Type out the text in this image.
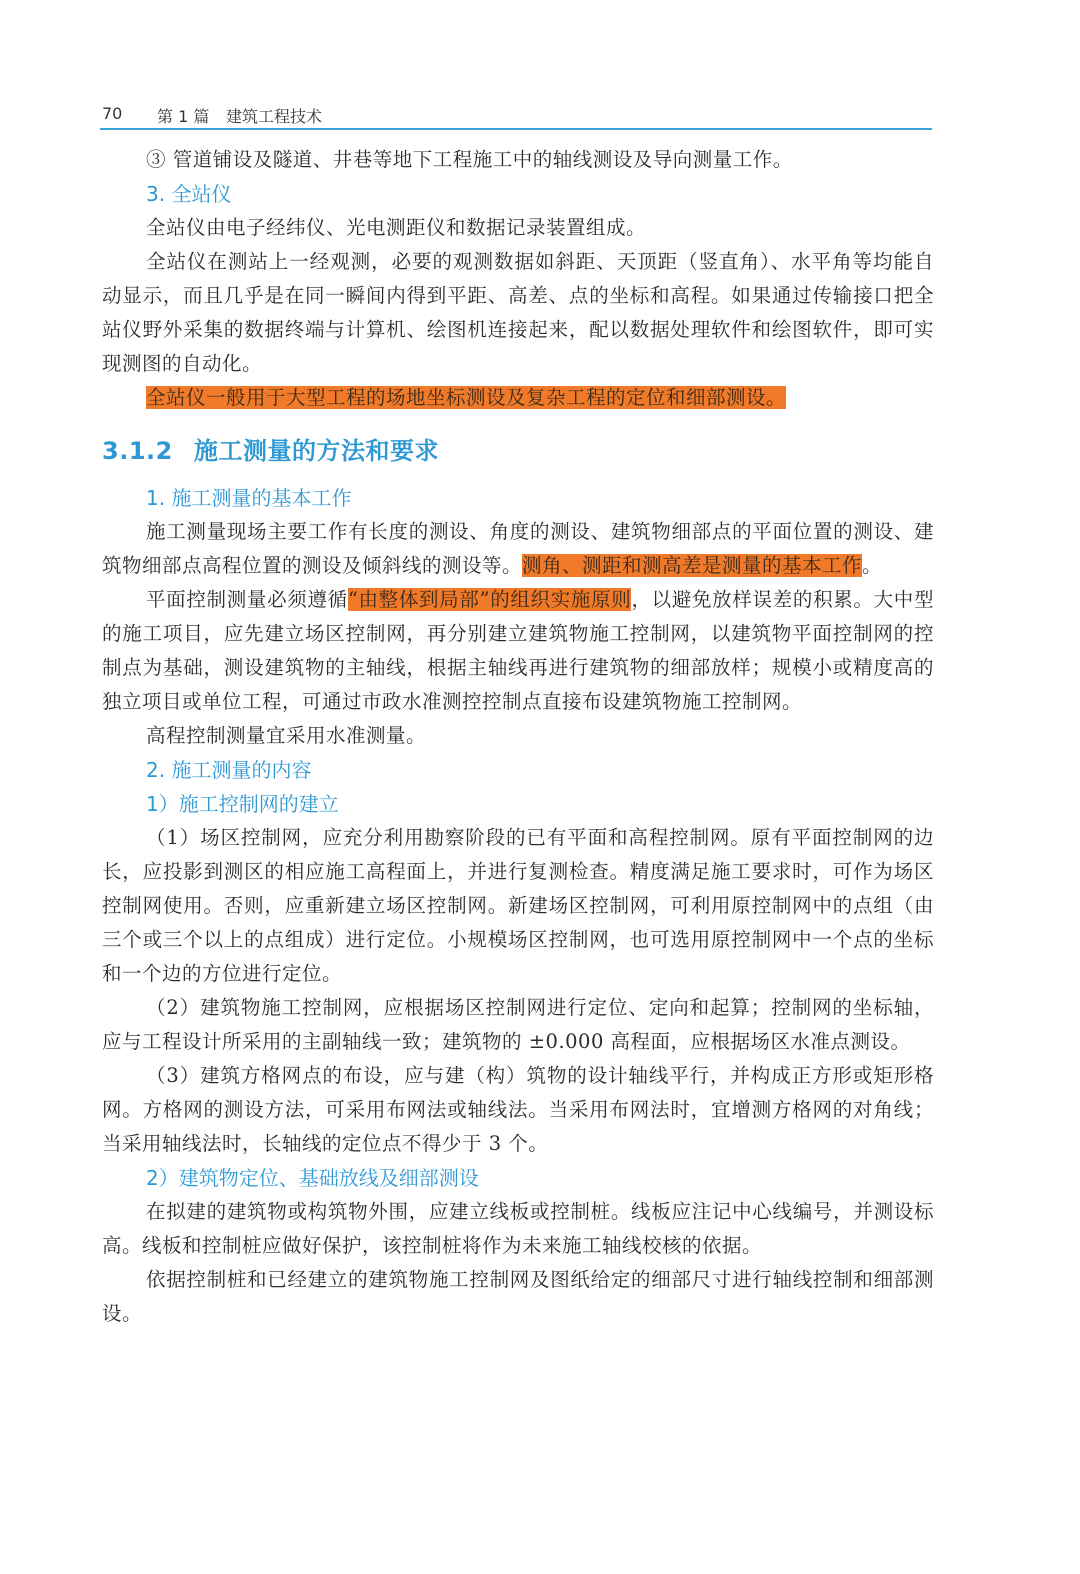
70 第 1 篇 建筑工程技术

③ 管道铺设及隧道、井巷等地下工程施工中的轴线测设及导向测量工作。

3. 全站仪

全站仪由电子经纬仪、光电测距仪和数据记录装置组成。

全站仪在测站上一经观测，必要的观测数据如斜距、天顶距（竖直角）、水平角等均能自动显示，而且几乎是在同一瞬间内得到平距、高差、点的坐标和高程。如果通过传输接口把全站仪野外采集的数据终端与计算机、绘图机连接起来，配以数据处理软件和绘图软件，即可实现测图的自动化。

全站仪一般用于大型工程的场地坐标测设及复杂工程的定位和细部测设。

3.1.2 施工测量的方法和要求

1. 施工测量的基本工作

施工测量现场主要工作有长度的测设、角度的测设、建筑物细部点的平面位置的测设、建筑物细部点高程位置的测设及倾斜线的测设等。测角、测距和测高差是测量的基本工作。

平面控制测量必须遵循“由整体到局部”的组织实施原则，以避免放样误差的积累。大中型的施工项目，应先建立场区控制网，再分别建立建筑物施工控制网，以建筑物平面控制网的控制点为基础，测设建筑物的主轴线，根据主轴线再进行建筑物的细部放样；规模小或精度高的独立项目或单位工程，可通过市政水准测控控制点直接布设建筑物施工控制网。

高程控制测量宜采用水准测量。

2. 施工测量的内容

1）施工控制网的建立

（1）场区控制网，应充分利用勘察阶段的已有平面和高程控制网。原有平面控制网的边长，应投影到测区的相应施工高程面上，并进行复测检查。精度满足施工要求时，可作为场区控制网使用。否则，应重新建立场区控制网。新建场区控制网，可利用原控制网中的点组（由三个或三个以上的点组成）进行定位。小规模场区控制网，也可选用原控制网中一个点的坐标和一个边的方位进行定位。

（2）建筑物施工控制网，应根据场区控制网进行定位、定向和起算；控制网的坐标轴，应与工程设计所采用的主副轴线一致；建筑物的 ±0.000 高程面，应根据场区水准点测设。

（3）建筑方格网点的布设，应与建（构）筑物的设计轴线平行，并构成正方形或矩形格网。方格网的测设方法，可采用布网法或轴线法。当采用布网法时，宜增测方格网的对角线；当采用轴线法时，长轴线的定位点不得少于 3 个。

2）建筑物定位、基础放线及细部测设

在拟建的建筑物或构筑物外围，应建立线板或控制桩。线板应注记中心线编号，并测设标高。线板和控制桩应做好保护，该控制桩将作为未来施工轴线校核的依据。

依据控制桩和已经建立的建筑物施工控制网及图纸给定的细部尺寸进行轴线控制和细部测设。
